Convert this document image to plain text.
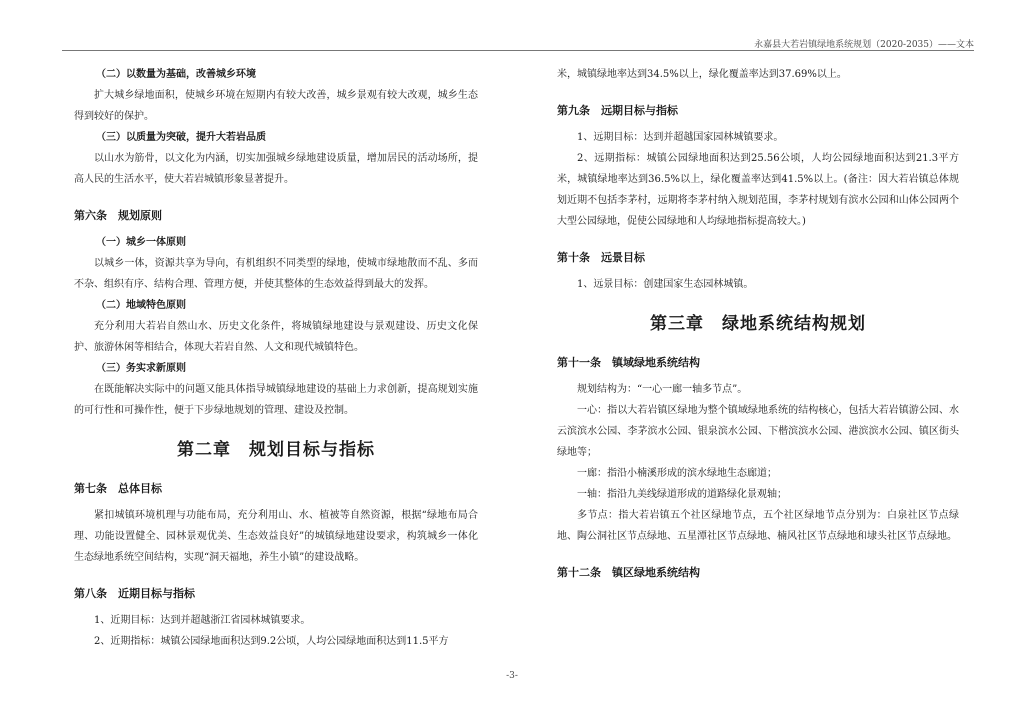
永嘉县大若岩镇绿地系统规划（2020-2035）——文本
（二）以数量为基础，改善城乡环境

扩大城乡绿地面积，使城乡环境在短期内有较大改善，城乡景观有较大改观，城乡生态得到较好的保护。

（三）以质量为突破，提升大若岩品质

以山水为筋骨，以文化为内涵，切实加强城乡绿地建设质量，增加居民的活动场所，提高人民的生活水平，使大若岩城镇形象显著提升。

第六条　规划原则
（一）城乡一体原则

以城乡一体，资源共享为导向，有机组织不同类型的绿地，使城市绿地散而不乱、多而不杂、组织有序、结构合理、管理方便，并使其整体的生态效益得到最大的发挥。

（二）地域特色原则

充分利用大若岩自然山水、历史文化条件，将城镇绿地建设与景观建设、历史文化保护、旅游休闲等相结合，体现大若岩自然、人文和现代城镇特色。

（三）务实求新原则

在既能解决实际中的问题又能具体指导城镇绿地建设的基础上力求创新，提高规划实施的可行性和可操作性，便于下步绿地规划的管理、建设及控制。

第二章　规划目标与指标
第七条　总体目标

紧扣城镇环境机理与功能布局，充分利用山、水、植被等自然资源，根据“绿地布局合理、功能设置健全、园林景观优美、生态效益良好”的城镇绿地建设要求，构筑城乡一体化生态绿地系统空间结构，实现“洞天福地，养生小镇”的建设战略。

第八条　近期目标与指标

1、近期目标：达到并超越浙江省园林城镇要求。

2、近期指标：城镇公园绿地面积达到9.2公顷，人均公园绿地面积达到11.5平方

米，城镇绿地率达到34.5%以上，绿化覆盖率达到37.69%以上。

第九条　远期目标与指标

1、远期目标：达到并超越国家园林城镇要求。

2、远期指标：城镇公园绿地面积达到25.56公顷，人均公园绿地面积达到21.3平方米，城镇绿地率达到36.5%以上，绿化覆盖率达到41.5%以上。(备注：因大若岩镇总体规划近期不包括李茅村，远期将李茅村纳入规划范围，李茅村规划有滨水公园和山体公园两个大型公园绿地，促使公园绿地和人均绿地指标提高较大。)

第十条　远景目标

1、远景目标：创建国家生态园林城镇。

第三章　绿地系统结构规划
第十一条　镇域绿地系统结构

规划结构为：“一心一廊一轴多节点”。

一心：指以大若岩镇区绿地为整个镇域绿地系统的结构核心，包括大若岩镇游公园、水云滨滨水公园、李茅滨水公园、银泉滨水公园、下楷滨滨水公园、港滨滨水公园、镇区街头绿地等；

一廊：指沿小楠溪形成的滨水绿地生态廊道；

一轴：指沿九美线绿道形成的道路绿化景观轴；

多节点：指大若岩镇五个社区绿地节点，五个社区绿地节点分别为：白泉社区节点绿地、陶公洞社区节点绿地、五星潭社区节点绿地、楠风社区节点绿地和埭头社区节点绿地。

第十二条　镇区绿地系统结构
-3-
